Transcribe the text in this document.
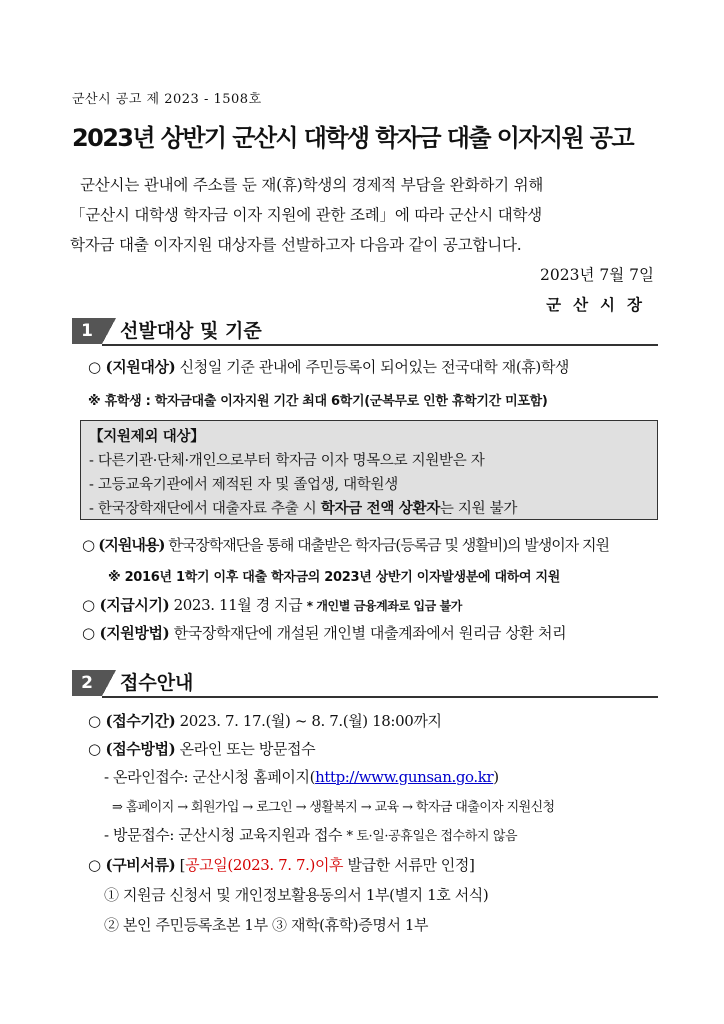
군산시 공고 제 2023 - 1508호
2023년 상반기 군산시 대학생 학자금 대출 이자지원 공고
군산시는 관내에 주소를 둔 재(휴)학생의 경제적 부담을 완화하기 위해
「군산시 대학생 학자금 이자 지원에 관한 조례」에 따라 군산시 대학생
학자금 대출 이자지원 대상자를 선발하고자 다음과 같이 공고합니다.
2023년 7월 7일
군산시장
1	선발대상 및 기준
○ (지원대상) 신청일 기준 관내에 주민등록이 되어있는 전국대학 재(휴)학생
※ 휴학생 : 학자금대출 이자지원 기간 최대 6학기(군복무로 인한 휴학기간 미포함)
【지원제외 대상】
- 다른기관·단체·개인으로부터 학자금 이자 명목으로 지원받은 자
- 고등교육기관에서 제적된 자 및 졸업생, 대학원생
- 한국장학재단에서 대출자료 추출 시 학자금 전액 상환자는 지원 불가
○ (지원내용) 한국장학재단을 통해 대출받은 학자금(등록금 및 생활비)의 발생이자 지원
※ 2016년 1학기 이후 대출 학자금의 2023년 상반기 이자발생분에 대하여 지원
○ (지급시기) 2023. 11월 경 지급 * 개인별 금융계좌로 입금 불가
○ (지원방법) 한국장학재단에 개설된 개인별 대출계좌에서 원리금 상환 처리
2	접수안내
○ (접수기간) 2023. 7. 17.(월) ~ 8. 7.(월) 18:00까지
○ (접수방법) 온라인 또는 방문접수
- 온라인접수: 군산시청 홈페이지(http://www.gunsan.go.kr)
⇒ 홈페이지 → 회원가입 → 로그인 → 생활복지 → 교육 → 학자금 대출이자 지원신청
- 방문접수: 군산시청 교육지원과 접수 * 토·일·공휴일은 접수하지 않음
○ (구비서류) [공고일(2023. 7. 7.)이후 발급한 서류만 인정]
① 지원금 신청서 및 개인정보활용동의서 1부(별지 1호 서식)
② 본인 주민등록초본 1부 ③ 재학(휴학)증명서 1부
